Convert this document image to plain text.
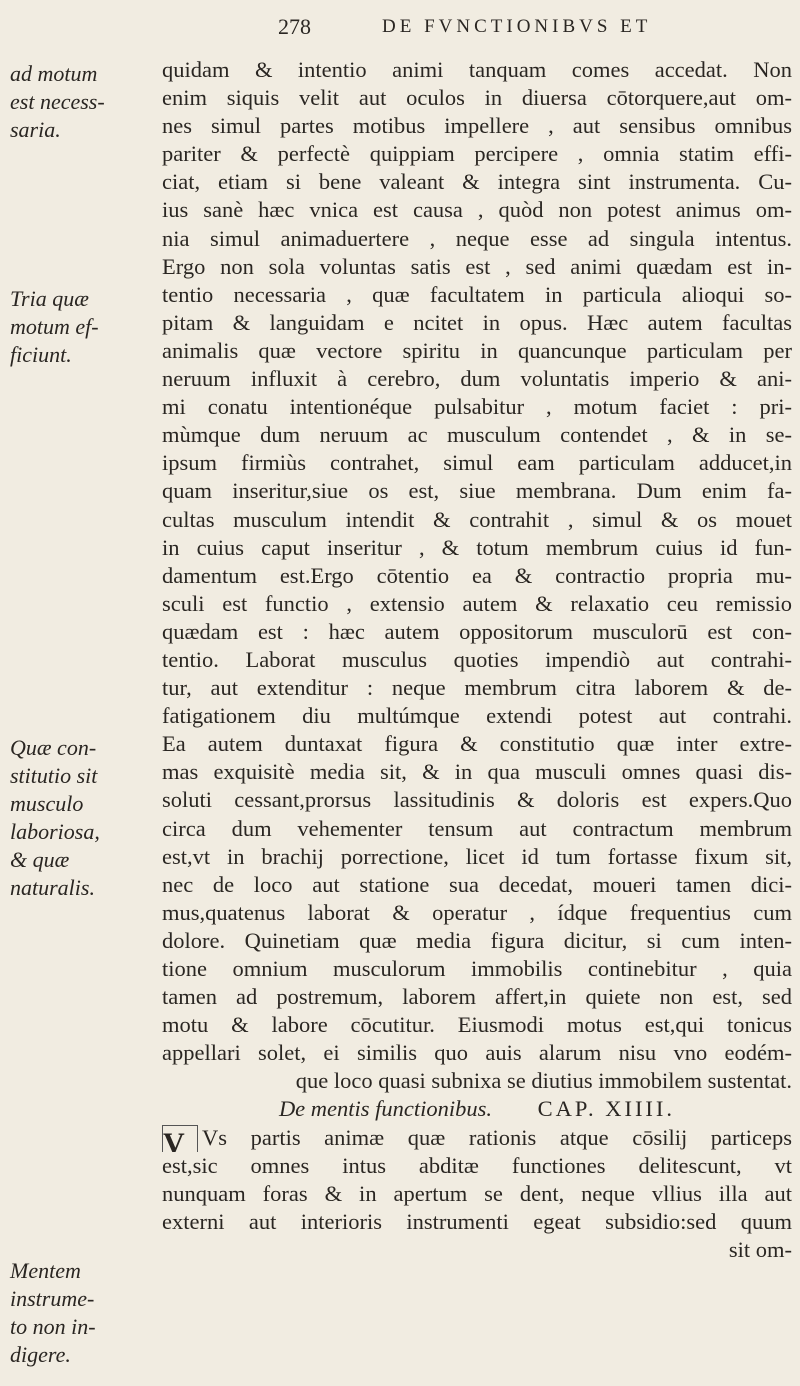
278	DE FVNCTIONIBVS ET
ad motum
est necess-
saria.
Tria quæ
motum ef-
ficiunt.
Quæ con-
stitutio sit
musculo
laboriosa,
& quæ
naturalis.
Mentem
instrume-
to non in-
digere.
quidam & intentio animi tanquam comes accedat. Non
enim siquis velit aut oculos in diuersa cōtorquere,aut om-
nes simul partes motibus impellere , aut sensibus omnibus
pariter & perfectè quippiam percipere , omnia statim effi-
ciat, etiam si bene valeant & integra sint instrumenta. Cu-
ius sanè hæc vnica est causa , quòd non potest animus om-
nia simul animaduertere , neque esse ad singula intentus.
Ergo non sola voluntas satis est , sed animi quædam est in-
tentio necessaria , quæ facultatem in particula alioqui so-
pitam & languidam e ncitet in opus. Hæc autem facultas
animalis quæ vectore spiritu in quancunque particulam per
neruum influxit à cerebro, dum voluntatis imperio & ani-
mi conatu intentionéque pulsabitur , motum faciet : pri-
mùmque dum neruum ac musculum contendet , & in se-
ipsum firmiùs contrahet, simul eam particulam adducet,in
quam inseritur,siue os est, siue membrana. Dum enim fa-
cultas musculum intendit & contrahit , simul & os mouet
in cuius caput inseritur , & totum membrum cuius id fun-
damentum est.Ergo cōtentio ea & contractio propria mu-
sculi est functio , extensio autem & relaxatio ceu remissio
quædam est : hæc autem oppositorum musculorū est con-
tentio. Laborat musculus quoties impendiò aut contrahi-
tur, aut extenditur : neque membrum citra laborem & de-
fatigationem diu multúmque extendi potest aut contrahi.
Ea autem duntaxat figura & constitutio quæ inter extre-
mas exquisitè media sit, & in qua musculi omnes quasi dis-
soluti cessant,prorsus lassitudinis & doloris est expers.Quo
circa dum vehementer tensum aut contractum membrum
est,vt in brachij porrectione, licet id tum fortasse fixum sit,
nec de loco aut statione sua decedat, moueri tamen dici-
mus,quatenus laborat & operatur , ídque frequentius cum
dolore. Quinetiam quæ media figura dicitur, si cum inten-
tione omnium musculorum immobilis continebitur , quia
tamen ad postremum, laborem affert,in quiete non est, sed
motu & labore cōcutitur. Eiusmodi motus est,qui tonicus
appellari solet, ei similis quo auis alarum nisu vno eodém-
que loco quasi subnixa se diutius immobilem sustentat.
De mentis functionibus. CAP. XIIII.
V Vs partis animæ quæ rationis atque cōsilij particeps
est,sic omnes intus abditæ functiones delitescunt, vt
nunquam foras & in apertum se dent, neque vllius illa aut
externi aut interioris instrumenti egeat subsidio:sed quum
sit om-
